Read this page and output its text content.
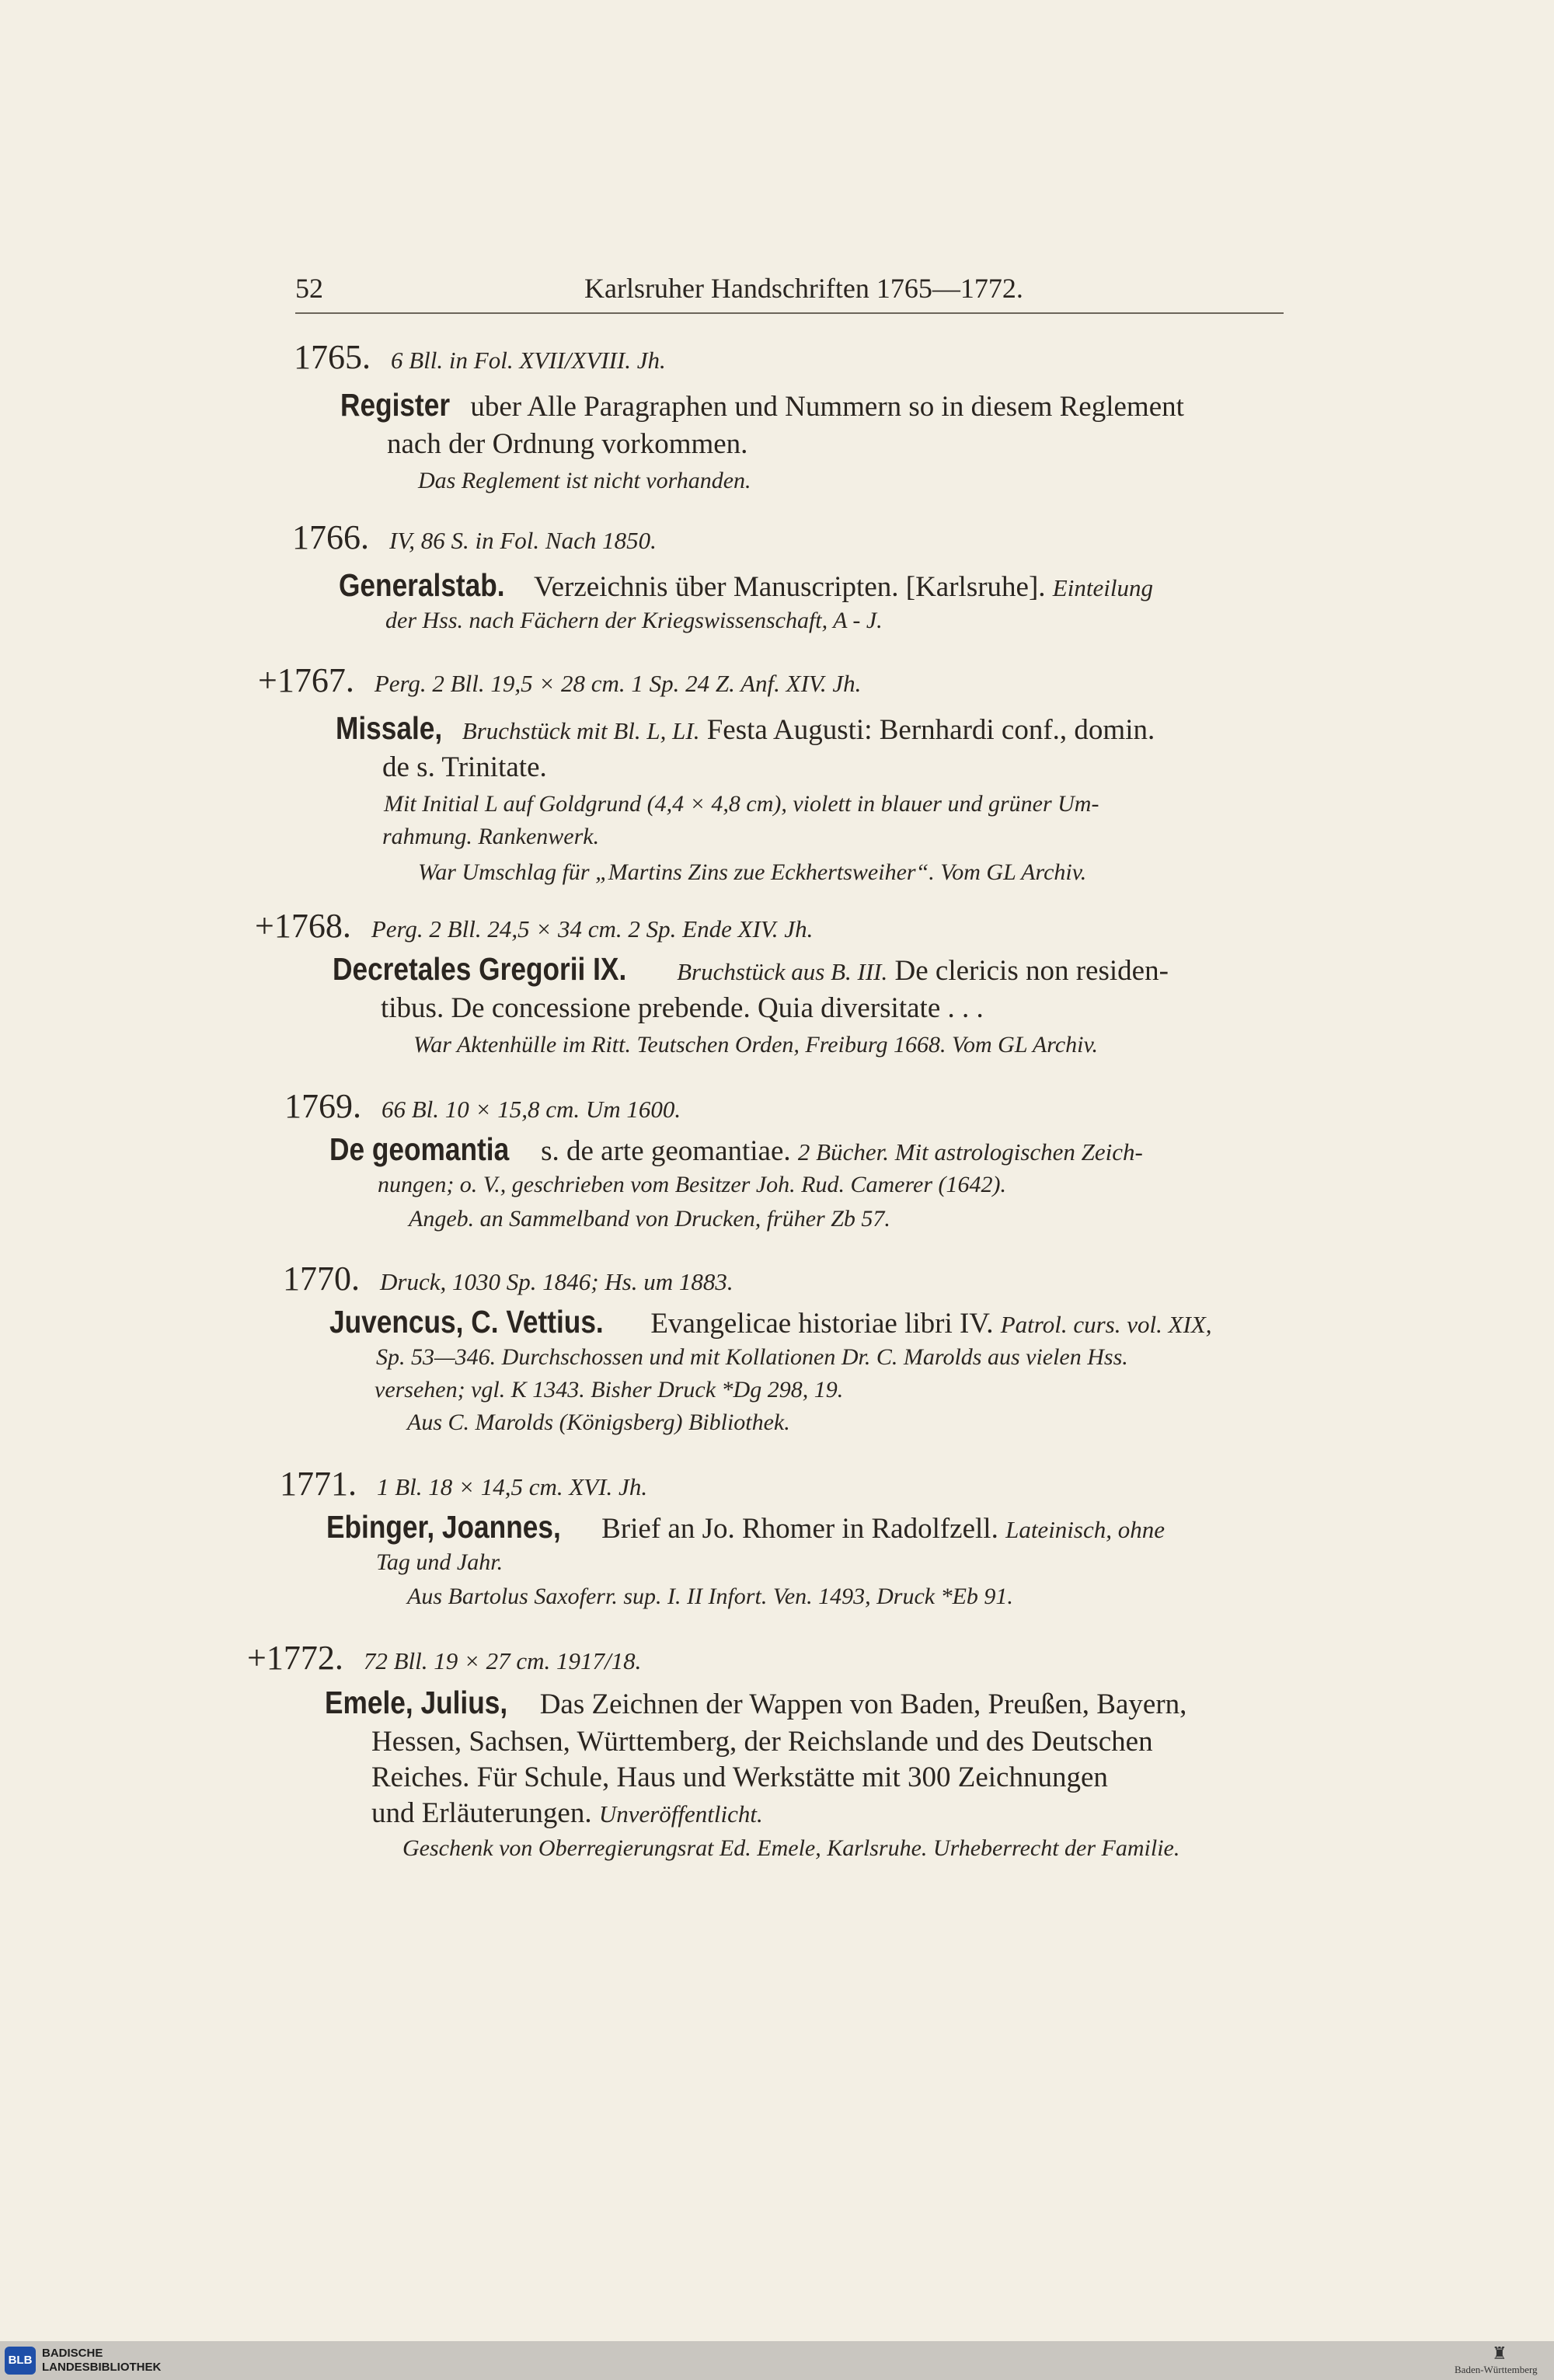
52	Karlsruher Handschriften 1765—1772.
1765. 6 Bll. in Fol. XVII/XVIII. Jh.
Register uber Alle Paragraphen und Nummern so in diesem Reglement
nach der Ordnung vorkommen.
Das Reglement ist nicht vorhanden.
1766. IV, 86 S. in Fol. Nach 1850.
Generalstab. Verzeichnis über Manuscripten. [Karlsruhe]. Einteilung
der Hss. nach Fächern der Kriegswissenschaft, A - J.
+1767. Perg. 2 Bll. 19,5 × 28 cm. 1 Sp. 24 Z. Anf. XIV. Jh.
Missale, Bruchstück mit Bl. L, LI. Festa Augusti: Bernhardi conf., domin.
de s. Trinitate.
Mit Initial L auf Goldgrund (4,4 × 4,8 cm), violett in blauer und grüner Um-
rahmung. Rankenwerk.
War Umschlag für „Martins Zins zue Eckhertsweiher“. Vom GL Archiv.
+1768. Perg. 2 Bll. 24,5 × 34 cm. 2 Sp. Ende XIV. Jh.
Decretales Gregorii IX. Bruchstück aus B. III. De clericis non residen-
tibus. De concessione prebende. Quia diversitate . . .
War Aktenhülle im Ritt. Teutschen Orden, Freiburg 1668. Vom GL Archiv.
1769. 66 Bl. 10 × 15,8 cm. Um 1600.
De geomantia s. de arte geomantiae. 2 Bücher. Mit astrologischen Zeich-
nungen; o. V., geschrieben vom Besitzer Joh. Rud. Camerer (1642).
Angeb. an Sammelband von Drucken, früher Zb 57.
1770. Druck, 1030 Sp. 1846; Hs. um 1883.
Juvencus, C. Vettius. Evangelicae historiae libri IV. Patrol. curs. vol. XIX,
Sp. 53—346. Durchschossen und mit Kollationen Dr. C. Marolds aus vielen Hss.
versehen; vgl. K 1343. Bisher Druck *Dg 298, 19.
Aus C. Marolds (Königsberg) Bibliothek.
1771. 1 Bl. 18 × 14,5 cm. XVI. Jh.
Ebinger, Joannes, Brief an Jo. Rhomer in Radolfzell. Lateinisch, ohne
Tag und Jahr.
Aus Bartolus Saxoferr. sup. I. II Infort. Ven. 1493, Druck *Eb 91.
+1772. 72 Bll. 19 × 27 cm. 1917/18.
Emele, Julius, Das Zeichnen der Wappen von Baden, Preußen, Bayern,
Hessen, Sachsen, Württemberg, der Reichslande und des Deutschen
Reiches. Für Schule, Haus und Werkstätte mit 300 Zeichnungen
und Erläuterungen. Unveröffentlicht.
Geschenk von Oberregierungsrat Ed. Emele, Karlsruhe. Urheberrecht der Familie.
BLB
BADISCHE
LANDESBIBLIOTHEK
♜
Baden-Württemberg
